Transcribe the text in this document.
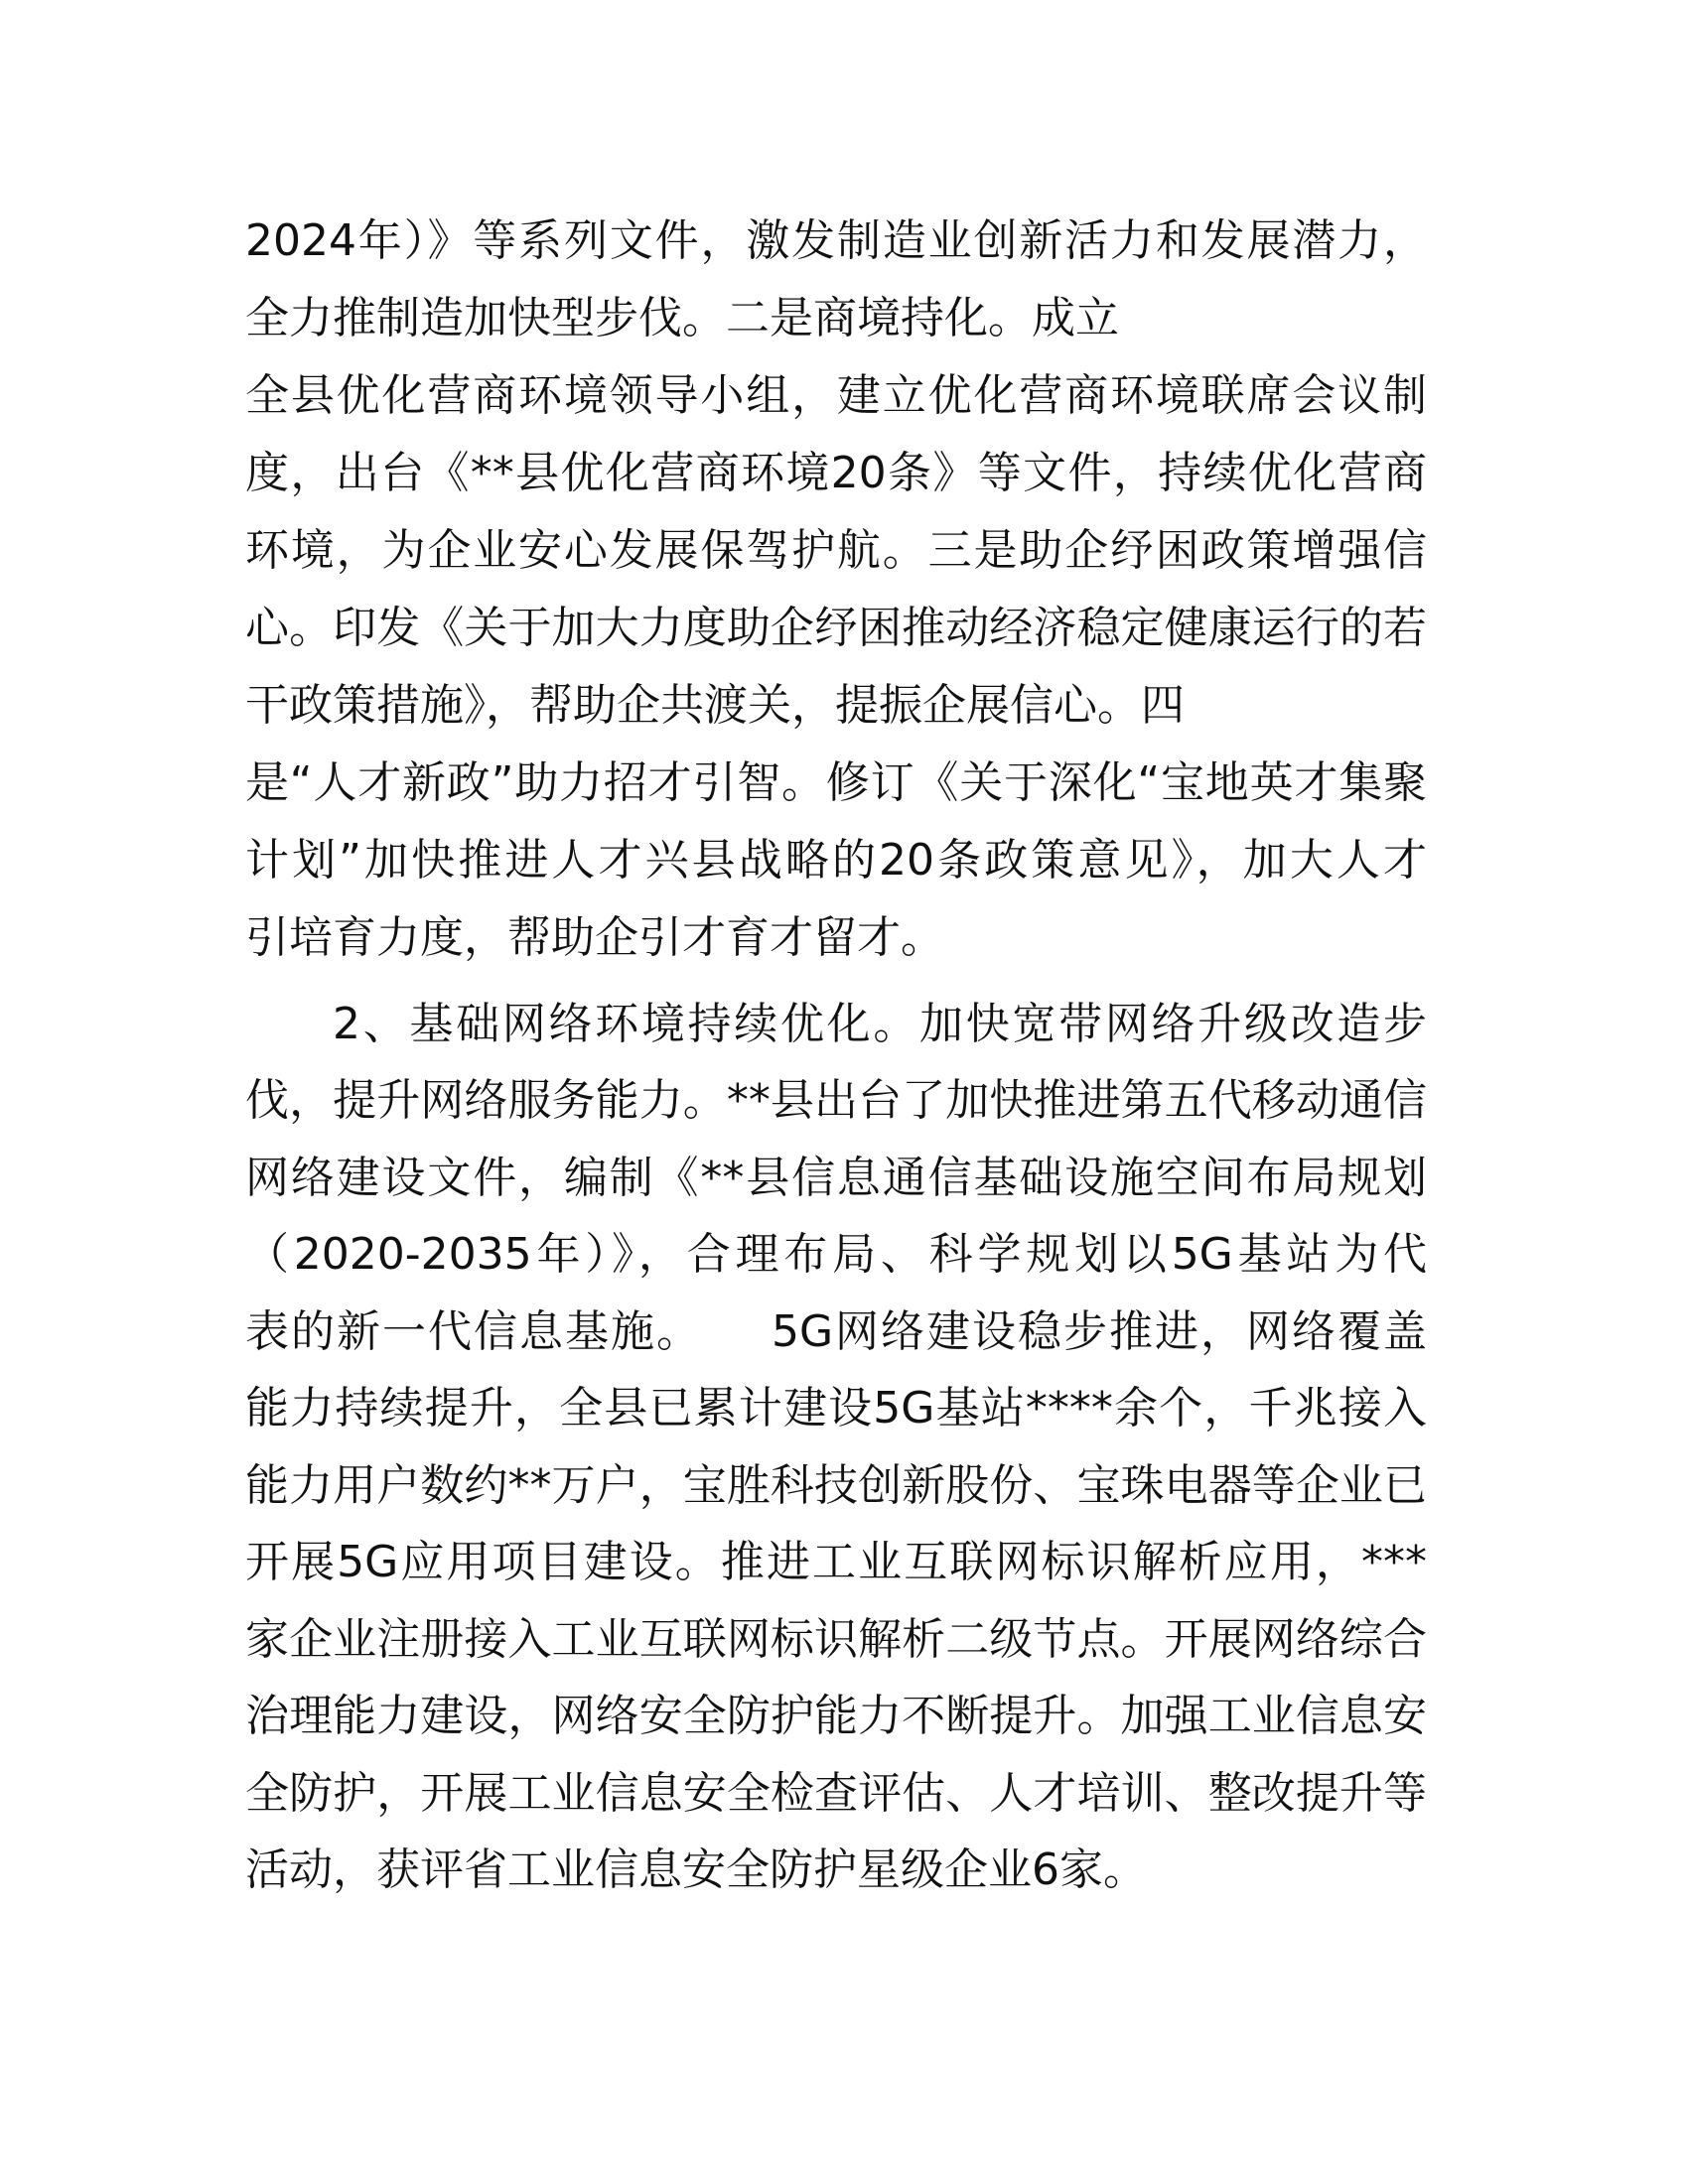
2024年）》等系列文件，激发制造业创新活力和发展潜力，
全力推制造加快型步伐。二是商境持化。成立
全县优化营商环境领导小组，建立优化营商环境联席会议制
度，出台《**县优化营商环境20条》等文件，持续优化营商
环境，为企业安心发展保驾护航。三是助企纾困政策增强信
心。印发《关于加大力度助企纾困推动经济稳定健康运行的若
干政策措施》，帮助企共渡关，提振企展信心。四
是“人才新政”助力招才引智。修订《关于深化“宝地英才集聚
计划”加快推进人才兴县战略的20条政策意见》，加大人才
引培育力度，帮助企引才育才留才。
2、基础网络环境持续优化。加快宽带网络升级改造步
伐，提升网络服务能力。**县出台了加快推进第五代移动通信
网络建设文件，编制《**县信息通信基础设施空间布局规划
（2020-2035年）》，合理布局、科学规划以5G基站为代
表的新一代信息基施。　　5G网络建设稳步推进，网络覆盖
能力持续提升，全县已累计建设5G基站****余个，千兆接入
能力用户数约**万户，宝胜科技创新股份、宝珠电器等企业已
开展5G应用项目建设。推进工业互联网标识解析应用，***
家企业注册接入工业互联网标识解析二级节点。开展网络综合
治理能力建设，网络安全防护能力不断提升。加强工业信息安
全防护，开展工业信息安全检查评估、人才培训、整改提升等
活动，获评省工业信息安全防护星级企业6家。
